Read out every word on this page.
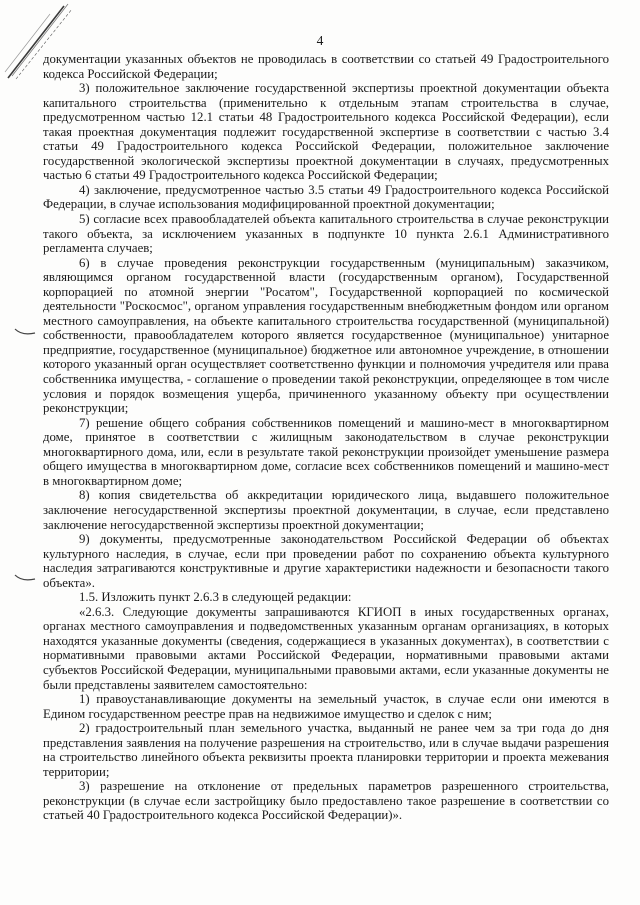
4

документации указанных объектов не проводилась в соответствии со статьей 49 Градостроительного кодекса Российской Федерации;

3) положительное заключение государственной экспертизы проектной документации объекта капитального строительства (применительно к отдельным этапам строительства в случае, предусмотренном частью 12.1 статьи 48 Градостроительного кодекса Российской Федерации), если такая проектная документация подлежит государственной экспертизе в соответствии с частью 3.4 статьи 49 Градостроительного кодекса Российской Федерации, положительное заключение государственной экологической экспертизы проектной документации в случаях, предусмотренных частью 6 статьи 49 Градостроительного кодекса Российской Федерации;

4) заключение, предусмотренное частью 3.5 статьи 49 Градостроительного кодекса Российской Федерации, в случае использования модифицированной проектной документации;

5) согласие всех правообладателей объекта капитального строительства в случае реконструкции такого объекта, за исключением указанных в подпункте 10 пункта 2.6.1 Административного регламента случаев;

6) в случае проведения реконструкции государственным (муниципальным) заказчиком, являющимся органом государственной власти (государственным органом), Государственной корпорацией по атомной энергии "Росатом", Государственной корпорацией по космической деятельности "Роскосмос", органом управления государственным внебюджетным фондом или органом местного самоуправления, на объекте капитального строительства государственной (муниципальной) собственности, правообладателем которого является государственное (муниципальное) унитарное предприятие, государственное (муниципальное) бюджетное или автономное учреждение, в отношении которого указанный орган осуществляет соответственно функции и полномочия учредителя или права собственника имущества, - соглашение о проведении такой реконструкции, определяющее в том числе условия и порядок возмещения ущерба, причиненного указанному объекту при осуществлении реконструкции;

7) решение общего собрания собственников помещений и машино-мест в многоквартирном доме, принятое в соответствии с жилищным законодательством в случае реконструкции многоквартирного дома, или, если в результате такой реконструкции произойдет уменьшение размера общего имущества в многоквартирном доме, согласие всех собственников помещений и машино-мест в многоквартирном доме;

8) копия свидетельства об аккредитации юридического лица, выдавшего положительное заключение негосударственной экспертизы проектной документации, в случае, если представлено заключение негосударственной экспертизы проектной документации;

9) документы, предусмотренные законодательством Российской Федерации об объектах культурного наследия, в случае, если при проведении работ по сохранению объекта культурного наследия затрагиваются конструктивные и другие характеристики надежности и безопасности такого объекта».

1.5. Изложить пункт 2.6.3 в следующей редакции:

«2.6.3. Следующие документы запрашиваются КГИОП в иных государственных органах, органах местного самоуправления и подведомственных указанным органам организациях, в которых находятся указанные документы (сведения, содержащиеся в указанных документах), в соответствии с нормативными правовыми актами Российской Федерации, нормативными правовыми актами субъектов Российской Федерации, муниципальными правовыми актами, если указанные документы не были представлены заявителем самостоятельно:

1) правоустанавливающие документы на земельный участок, в случае если они имеются в Едином государственном реестре прав на недвижимое имущество и сделок с ним;

2) градостроительный план земельного участка, выданный не ранее чем за три года до дня представления заявления на получение разрешения на строительство, или в случае выдачи разрешения на строительство линейного объекта реквизиты проекта планировки территории и проекта межевания территории;

3) разрешение на отклонение от предельных параметров разрешенного строительства, реконструкции (в случае если застройщику было предоставлено такое разрешение в соответствии со статьей 40 Градостроительного кодекса Российской Федерации)».
